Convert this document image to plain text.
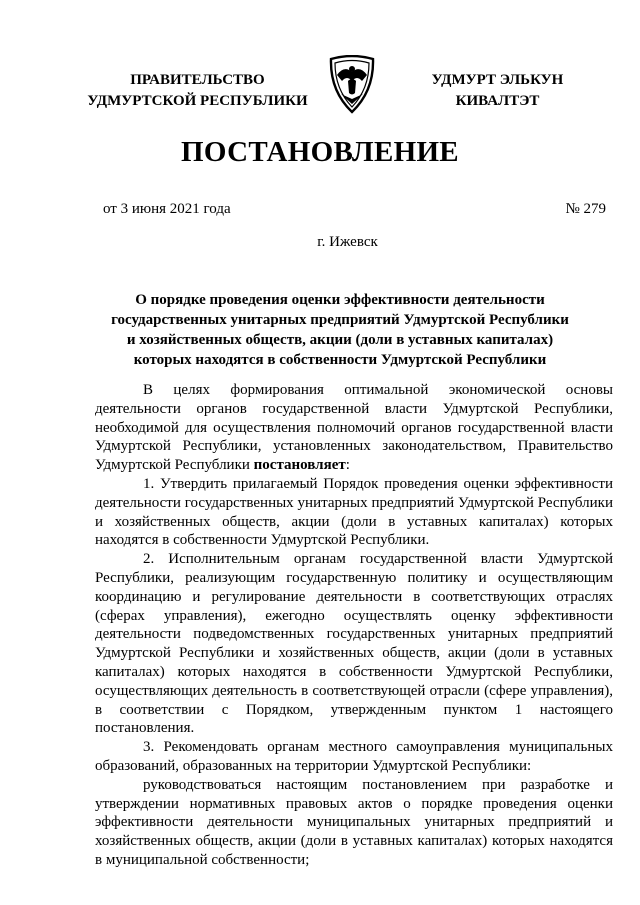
ПРАВИТЕЛЬСТВО
УДМУРТСКОЙ РЕСПУБЛИКИ
УДМУРТ ЭЛЬКУН
КИВАЛТЭТ
ПОСТАНОВЛЕНИЕ
от 3 июня 2021 года	№ 279
г. Ижевск
О порядке проведения оценки эффективности деятельности
государственных унитарных предприятий Удмуртской Республики
и хозяйственных обществ, акции (доли в уставных капиталах)
которых находятся в собственности Удмуртской Республики

В целях формирования оптимальной экономической основы деятельности органов государственной власти Удмуртской Республики, необходимой для осуществления полномочий органов государственной власти Удмуртской Республики, установленных законодательством, Правительство Удмуртской Республики постановляет:

1. Утвердить прилагаемый Порядок проведения оценки эффективности деятельности государственных унитарных предприятий Удмуртской Республики и хозяйственных обществ, акции (доли в уставных капиталах) которых находятся в собственности Удмуртской Республики.

2. Исполнительным органам государственной власти Удмуртской Республики, реализующим государственную политику и осуществляющим координацию и регулирование деятельности в соответствующих отраслях (сферах управления), ежегодно осуществлять оценку эффективности деятельности подведомственных государственных унитарных предприятий Удмуртской Республики и хозяйственных обществ, акции (доли в уставных капиталах) которых находятся в собственности Удмуртской Республики, осуществляющих деятельность в соответствующей отрасли (сфере управления), в соответствии с Порядком, утвержденным пунктом 1 настоящего постановления.

3. Рекомендовать органам местного самоуправления муниципальных образований, образованных на территории Удмуртской Республики:

руководствоваться настоящим постановлением при разработке и утверждении нормативных правовых актов о порядке проведения оценки эффективности деятельности муниципальных унитарных предприятий и хозяйственных обществ, акции (доли в уставных капиталах) которых находятся в муниципальной собственности;
